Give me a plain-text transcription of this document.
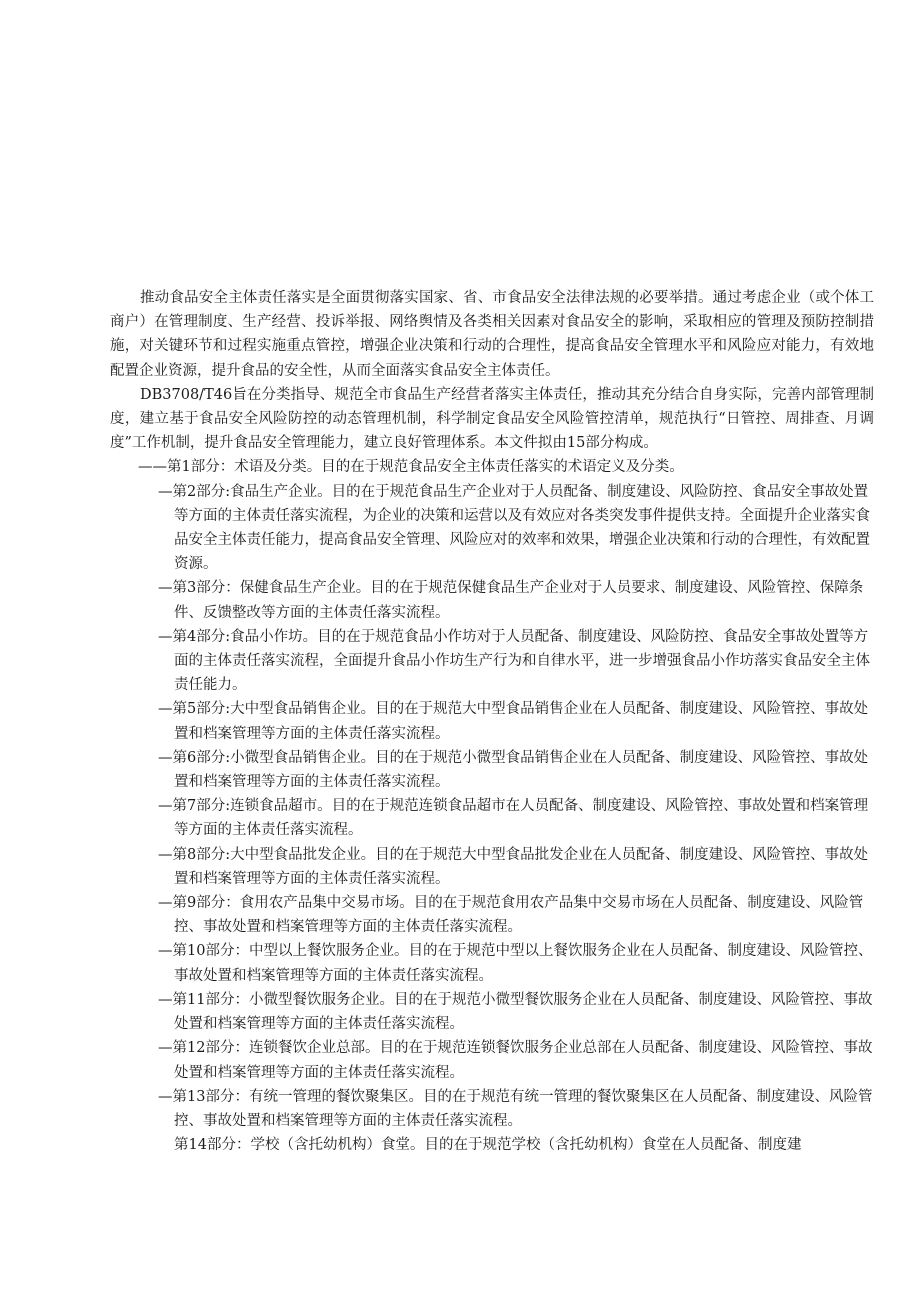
推动食品安全主体责任落实是全面贯彻落实国家、省、市食品安全法律法规的必要举措。通过考虑企业（或个体工商户）在管理制度、生产经营、投诉举报、网络舆情及各类相关因素对食品安全的影响，采取相应的管理及预防控制措施，对关键环节和过程实施重点管控，增强企业决策和行动的合理性，提高食品安全管理水平和风险应对能力，有效地配置企业资源，提升食品的安全性，从而全面落实食品安全主体责任。

DB3708/T46旨在分类指导、规范全市食品生产经营者落实主体责任，推动其充分结合自身实际，完善内部管理制度，建立基于食品安全风险防控的动态管理机制，科学制定食品安全风险管控清单，规范执行“日管控、周排查、月调度”工作机制，提升食品安全管理能力，建立良好管理体系。本文件拟由15部分构成。

——第1部分：术语及分类。目的在于规范食品安全主体责任落实的术语定义及分类。

—第2部分:食品生产企业。目的在于规范食品生产企业对于人员配备、制度建设、风险防控、食品安全事故处置等方面的主体责任落实流程，为企业的决策和运营以及有效应对各类突发事件提供支持。全面提升企业落实食品安全主体责任能力，提高食品安全管理、风险应对的效率和效果，增强企业决策和行动的合理性，有效配置资源。

—第3部分：保健食品生产企业。目的在于规范保健食品生产企业对于人员要求、制度建设、风险管控、保障条件、反馈整改等方面的主体责任落实流程。

—第4部分:食品小作坊。目的在于规范食品小作坊对于人员配备、制度建设、风险防控、食品安全事故处置等方面的主体责任落实流程，全面提升食品小作坊生产行为和自律水平，进一步增强食品小作坊落实食品安全主体责任能力。

—第5部分:大中型食品销售企业。目的在于规范大中型食品销售企业在人员配备、制度建设、风险管控、事故处置和档案管理等方面的主体责任落实流程。

—第6部分:小微型食品销售企业。目的在于规范小微型食品销售企业在人员配备、制度建设、风险管控、事故处置和档案管理等方面的主体责任落实流程。

—第7部分:连锁食品超市。目的在于规范连锁食品超市在人员配备、制度建设、风险管控、事故处置和档案管理等方面的主体责任落实流程。

—第8部分:大中型食品批发企业。目的在于规范大中型食品批发企业在人员配备、制度建设、风险管控、事故处置和档案管理等方面的主体责任落实流程。

—第9部分：食用农产品集中交易市场。目的在于规范食用农产品集中交易市场在人员配备、制度建设、风险管控、事故处置和档案管理等方面的主体责任落实流程。

—第10部分：中型以上餐饮服务企业。目的在于规范中型以上餐饮服务企业在人员配备、制度建设、风险管控、事故处置和档案管理等方面的主体责任落实流程。

—第11部分：小微型餐饮服务企业。目的在于规范小微型餐饮服务企业在人员配备、制度建设、风险管控、事故处置和档案管理等方面的主体责任落实流程。

—第12部分：连锁餐饮企业总部。目的在于规范连锁餐饮服务企业总部在人员配备、制度建设、风险管控、事故处置和档案管理等方面的主体责任落实流程。

—第13部分：有统一管理的餐饮聚集区。目的在于规范有统一管理的餐饮聚集区在人员配备、制度建设、风险管控、事故处置和档案管理等方面的主体责任落实流程。

第14部分：学校（含托幼机构）食堂。目的在于规范学校（含托幼机构）食堂在人员配备、制度建
